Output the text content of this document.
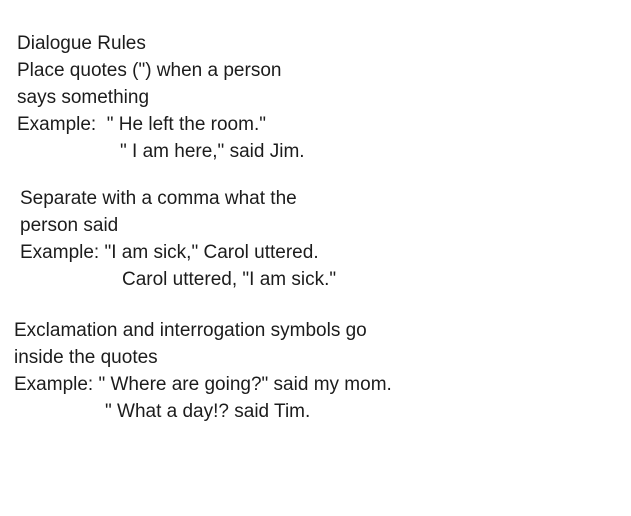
Dialogue Rules
Place quotes (") when a person
says something
Example:  " He left the room."
" I am here," said Jim.
Separate with a comma what the
person said
Example: "I am sick," Carol uttered.
Carol uttered, "I am sick."
Exclamation and interrogation symbols go
inside the quotes
Example: " Where are going?" said my mom.
" What a day!? said Tim.
